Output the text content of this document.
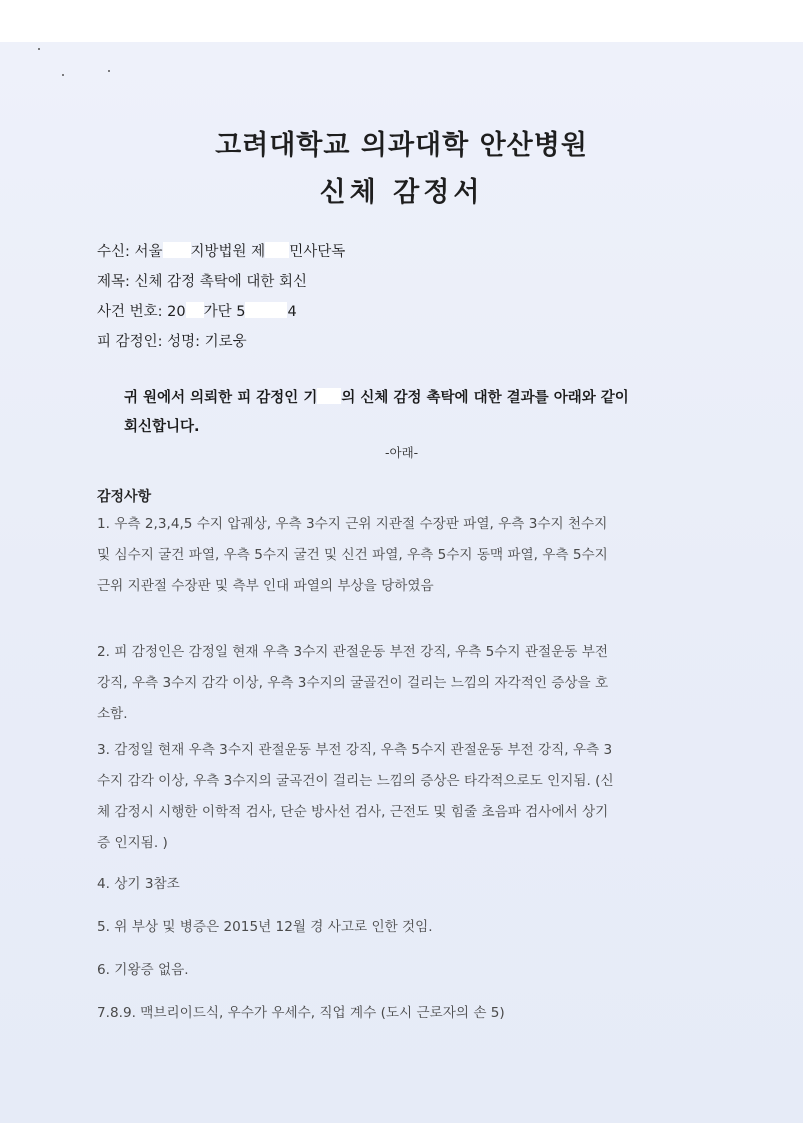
고려대학교 의과대학 안산병원
신체 감정서
수신: 서울 지방법원 제 민사단독
제목: 신체 감정 촉탁에 대한 회신
사건 번호: 20 가단 5	4
피 감정인: 성명: 기로웅
귀 원에서 의뢰한 피 감정인 기 의 신체 감정 촉탁에 대한 결과를 아래와 같이
회신합니다.
-아래-
감정사항
1. 우측 2,3,4,5 수지 압궤상, 우측 3수지 근위 지관절 수장판 파열, 우측 3수지 천수지
및 심수지 굴건 파열, 우측 5수지 굴건 및 신건 파열, 우측 5수지 동맥 파열, 우측 5수지
근위 지관절 수장판 및 측부 인대 파열의 부상을 당하였음
2. 피 감정인은 감정일 현재 우측 3수지 관절운동 부전 강직, 우측 5수지 관절운동 부전
강직, 우측 3수지 감각 이상, 우측 3수지의 굴골건이 걸리는 느낌의 자각적인 증상을 호
소함.
3. 감정일 현재 우측 3수지 관절운동 부전 강직, 우측 5수지 관절운동 부전 강직, 우측 3
수지 감각 이상, 우측 3수지의 굴곡건이 걸리는 느낌의 증상은 타각적으로도 인지됨. (신
체 감정시 시행한 이학적 검사, 단순 방사선 검사, 근전도 및 힘줄 초음파 검사에서 상기
증 인지됨. )
4. 상기 3참조
5. 위 부상 및 병증은 2015년 12월 경 사고로 인한 것임.
6. 기왕증 없음.
7.8.9. 맥브리이드식, 우수가 우세수, 직업 계수 (도시 근로자의 손 5)
